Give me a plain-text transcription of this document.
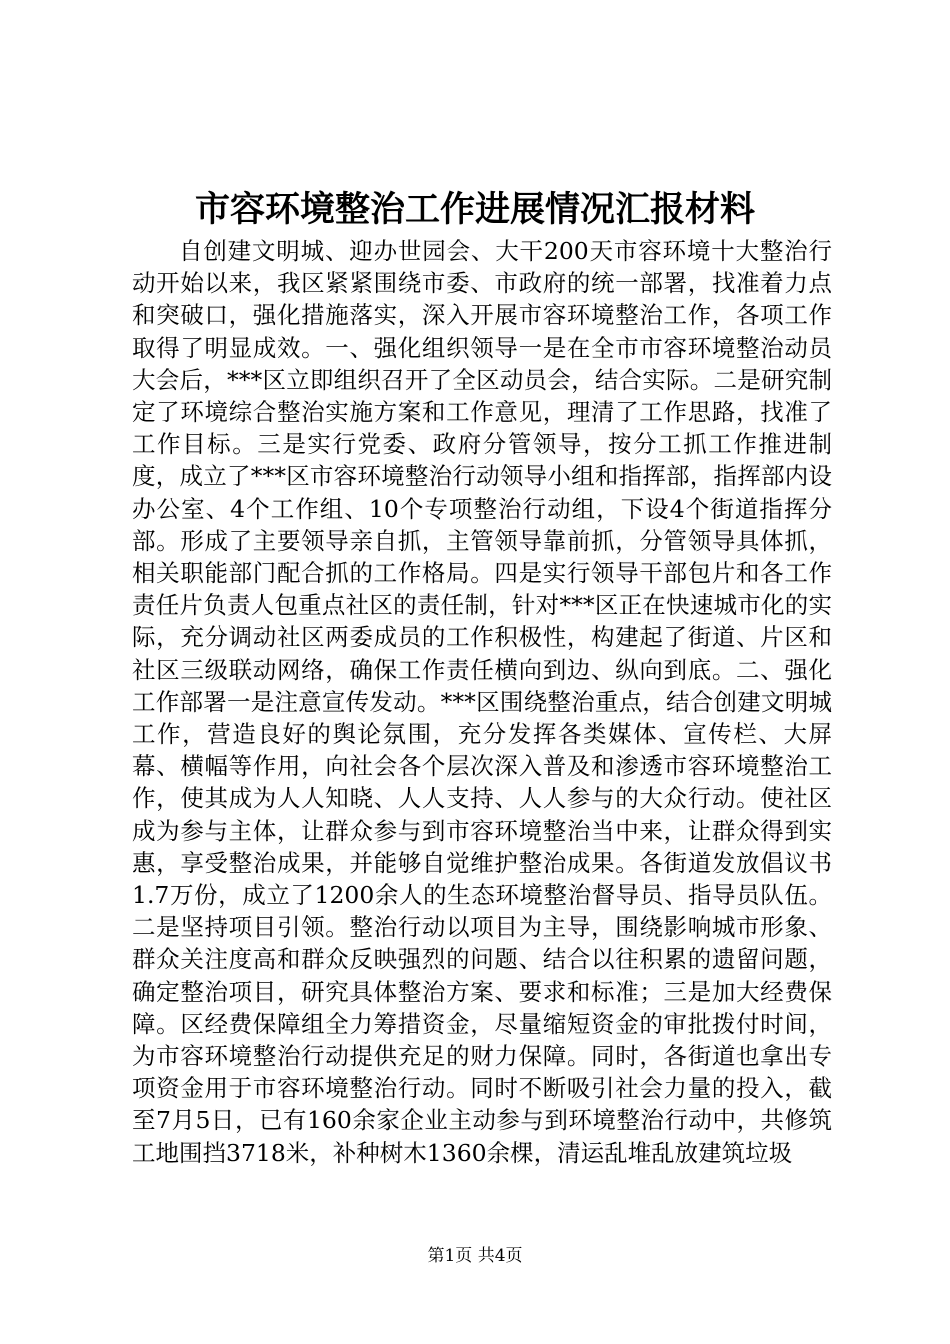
市容环境整治工作进展情况汇报材料

自创建文明城、迎办世园会、大干200天市容环境十大整治行动开始以来，我区紧紧围绕市委、市政府的统一部署，找准着力点和突破口，强化措施落实，深入开展市容环境整治工作，各项工作取得了明显成效。一、强化组织领导一是在全市市容环境整治动员大会后，***区立即组织召开了全区动员会，结合实际。二是研究制定了环境综合整治实施方案和工作意见，理清了工作思路，找准了工作目标。三是实行党委、政府分管领导，按分工抓工作推进制度，成立了***区市容环境整治行动领导小组和指挥部，指挥部内设办公室、4个工作组、10个专项整治行动组，下设4个街道指挥分部。形成了主要领导亲自抓，主管领导靠前抓，分管领导具体抓，相关职能部门配合抓的工作格局。四是实行领导干部包片和各工作责任片负责人包重点社区的责任制，针对***区正在快速城市化的实际，充分调动社区两委成员的工作积极性，构建起了街道、片区和社区三级联动网络，确保工作责任横向到边、纵向到底。二、强化工作部署一是注意宣传发动。***区围绕整治重点，结合创建文明城工作，营造良好的舆论氛围，充分发挥各类媒体、宣传栏、大屏幕、横幅等作用，向社会各个层次深入普及和渗透市容环境整治工作，使其成为人人知晓、人人支持、人人参与的大众行动。使社区成为参与主体，让群众参与到市容环境整治当中来，让群众得到实惠，享受整治成果，并能够自觉维护整治成果。各街道发放倡议书1.7万份，成立了1200余人的生态环境整治督导员、指导员队伍。二是坚持项目引领。整治行动以项目为主导，围绕影响城市形象、群众关注度高和群众反映强烈的问题、结合以往积累的遗留问题，确定整治项目，研究具体整治方案、要求和标准；三是加大经费保障。区经费保障组全力筹措资金，尽量缩短资金的审批拨付时间，为市容环境整治行动提供充足的财力保障。同时，各街道也拿出专项资金用于市容环境整治行动。同时不断吸引社会力量的投入，截至7月5日，已有160余家企业主动参与到环境整治行动中，共修筑工地围挡3718米，补种树木1360余棵，清运乱堆乱放建筑垃圾

第1页 共4页
